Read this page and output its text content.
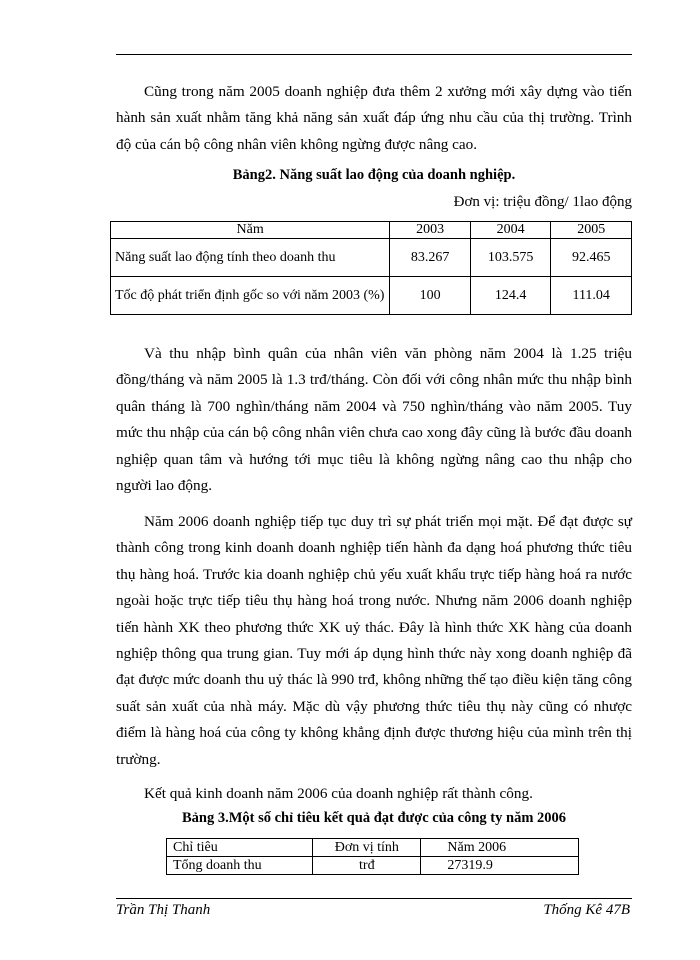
Cũng trong năm 2005 doanh nghiệp đưa thêm 2 xưởng mới xây dựng vào tiến hành sản xuất nhằm tăng khả năng sản xuất đáp ứng nhu cầu của thị trường. Trình độ của cán bộ công nhân viên không ngừng được nâng cao.

Bảng2. Năng suất lao động của doanh nghiệp.

Đơn vị: triệu đồng/ 1lao động

Năm	2003	2004	2005
Năng suất lao động tính theo doanh thu	83.267	103.575	92.465
Tốc độ phát triển định gốc so với năm 2003 (%)	100	124.4	111.04

Và thu nhập bình quân của nhân viên văn phòng năm 2004 là 1.25 triệu đồng/tháng và năm 2005 là 1.3 trđ/tháng. Còn đối với công nhân mức thu nhập bình quân tháng là 700 nghìn/tháng năm 2004 và 750 nghìn/tháng vào năm 2005. Tuy mức thu nhập của cán bộ công nhân viên chưa cao xong đây cũng là bước đầu doanh nghiệp quan tâm và hướng tới mục tiêu là không ngừng nâng cao thu nhập cho người lao động.

Năm 2006 doanh nghiệp tiếp tục duy trì sự phát triển mọi mặt. Để đạt được sự thành công trong kinh doanh doanh nghiệp tiến hành đa dạng hoá phương thức tiêu thụ hàng hoá. Trước kia doanh nghiệp chủ yếu xuất khẩu trực tiếp hàng hoá ra nước ngoài hoặc trực tiếp tiêu thụ hàng hoá trong nước. Nhưng năm 2006 doanh nghiệp tiến hành XK theo phương thức XK uỷ thác. Đây là hình thức XK hàng của doanh nghiệp thông qua trung gian. Tuy mới áp dụng hình thức này xong doanh nghiệp đã đạt được mức doanh thu uỷ thác là 990 trđ, không những thế tạo điều kiện tăng công suất sản xuất của nhà máy. Mặc dù vậy phương thức tiêu thụ này cũng có nhược điểm là hàng hoá của công ty không khẳng định được thương hiệu của mình trên thị trường.

Kết quả kinh doanh năm 2006 của doanh nghiệp rất thành công.

Bảng 3.Một số chỉ tiêu kết quả đạt được của công ty năm 2006

Chỉ tiêu	Đơn vị tính	Năm 2006
Tổng doanh thu	trđ	27319.9
Trần Thị Thanh	Thống Kê 47B
